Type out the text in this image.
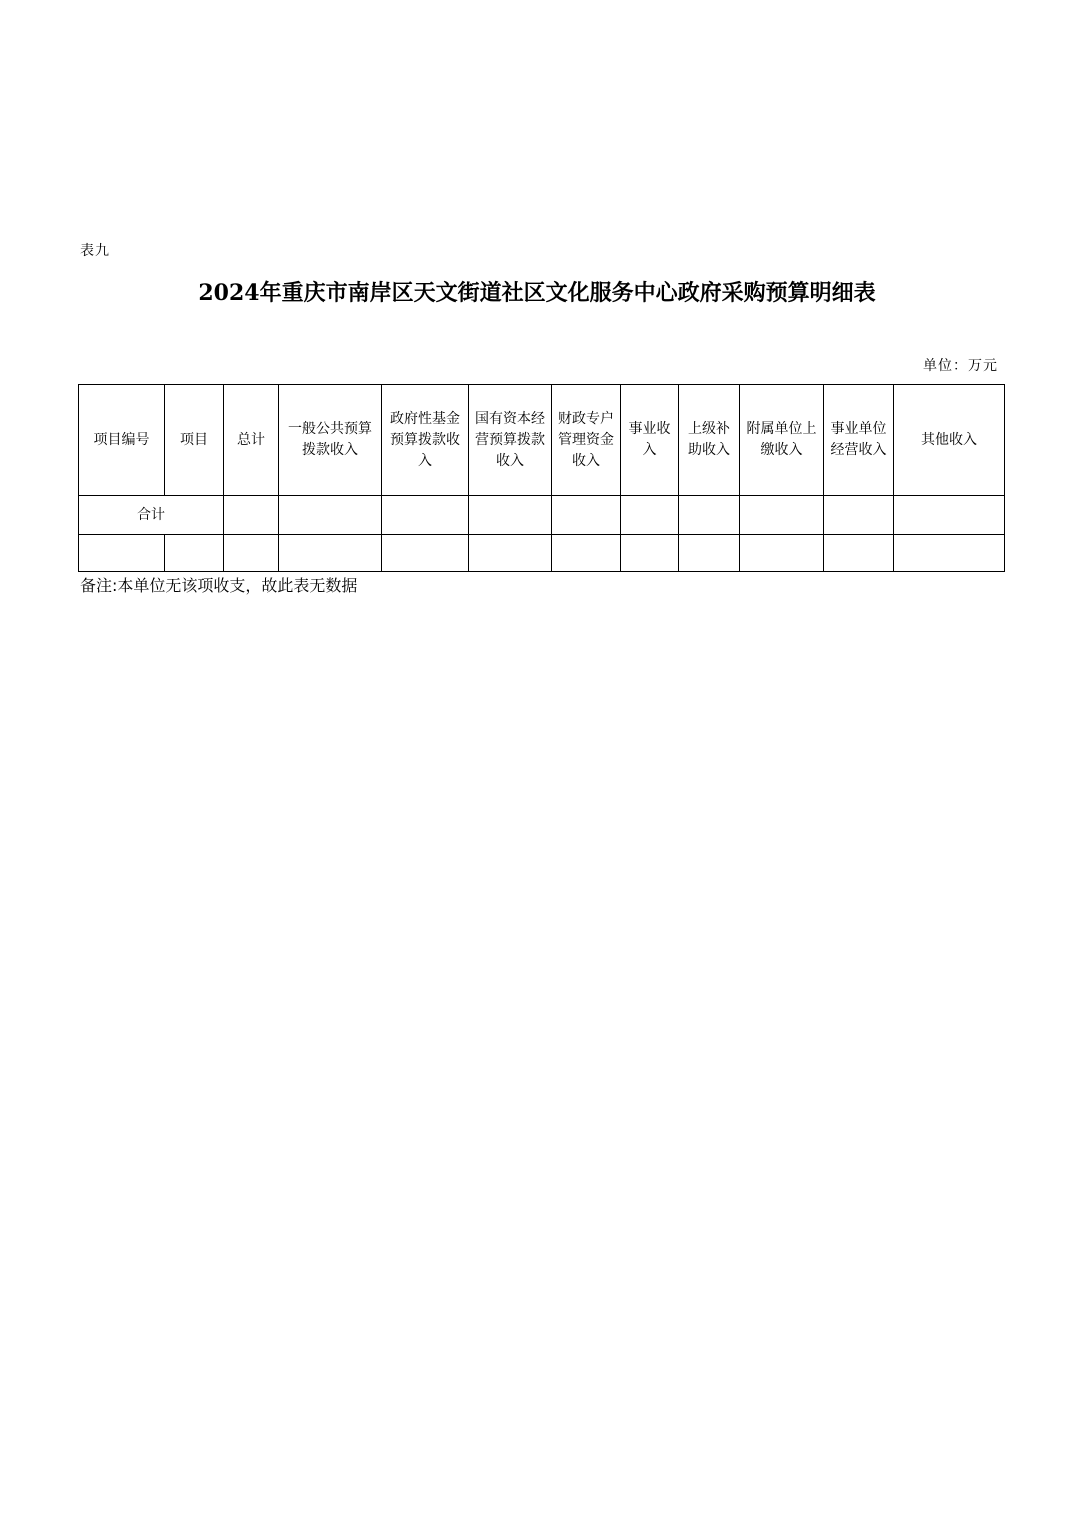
表九
2024年重庆市南岸区天文街道社区文化服务中心政府采购预算明细表
单位：万元
项目编号	项目	总计	一般公共预算拨款收入	政府性基金预算拨款收入	国有资本经营预算拨款收入	财政专户管理资金收入	事业收入	上级补助收入	附属单位上缴收入	事业单位经营收入	其他收入
合计											

备注:本单位无该项收支，故此表无数据
